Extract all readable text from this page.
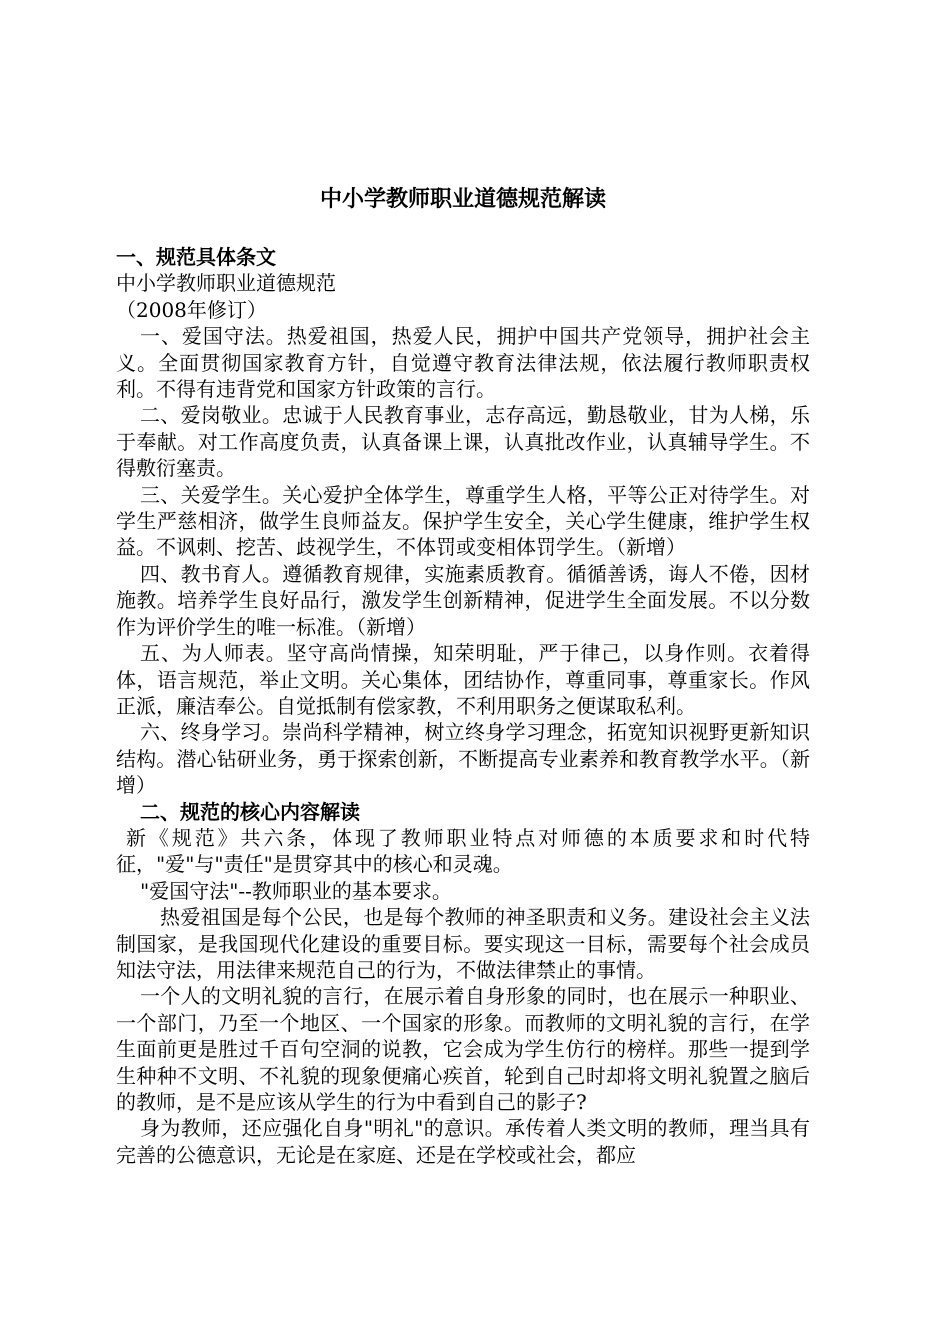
中小学教师职业道德规范解读

一、规范具体条文

中小学教师职业道德规范

（2008年修订）

一、爱国守法。热爱祖国，热爱人民，拥护中国共产党领导，拥护社会主义。全面贯彻国家教育方针，自觉遵守教育法律法规，依法履行教师职责权利。不得有违背党和国家方针政策的言行。

二、爱岗敬业。忠诚于人民教育事业，志存高远，勤恳敬业，甘为人梯，乐于奉献。对工作高度负责，认真备课上课，认真批改作业，认真辅导学生。不得敷衍塞责。

三、关爱学生。关心爱护全体学生，尊重学生人格，平等公正对待学生。对学生严慈相济，做学生良师益友。保护学生安全，关心学生健康，维护学生权益。不讽刺、挖苦、歧视学生，不体罚或变相体罚学生。（新增）

四、教书育人。遵循教育规律，实施素质教育。循循善诱，诲人不倦，因材施教。培养学生良好品行，激发学生创新精神，促进学生全面发展。不以分数作为评价学生的唯一标准。（新增）

五、为人师表。坚守高尚情操，知荣明耻，严于律己，以身作则。衣着得体，语言规范，举止文明。关心集体，团结协作，尊重同事，尊重家长。作风正派，廉洁奉公。自觉抵制有偿家教，不利用职务之便谋取私利。

六、终身学习。崇尚科学精神，树立终身学习理念，拓宽知识视野更新知识结构。潜心钻研业务，勇于探索创新，不断提高专业素养和教育教学水平。（新增）

二、规范的核心内容解读

新《规范》共六条，体现了教师职业特点对师德的本质要求和时代特征，"爱"与"责任"是贯穿其中的核心和灵魂。

"爱国守法"--教师职业的基本要求。

热爱祖国是每个公民，也是每个教师的神圣职责和义务。建设社会主义法制国家，是我国现代化建设的重要目标。要实现这一目标，需要每个社会成员知法守法，用法律来规范自己的行为，不做法律禁止的事情。

一个人的文明礼貌的言行，在展示着自身形象的同时，也在展示一种职业、一个部门，乃至一个地区、一个国家的形象。而教师的文明礼貌的言行，在学生面前更是胜过千百句空洞的说教，它会成为学生仿行的榜样。那些一提到学生种种不文明、不礼貌的现象便痛心疾首，轮到自己时却将文明礼貌置之脑后的教师，是不是应该从学生的行为中看到自己的影子?

身为教师，还应强化自身"明礼"的意识。承传着人类文明的教师，理当具有完善的公德意识，无论是在家庭、还是在学校或社会，都应
